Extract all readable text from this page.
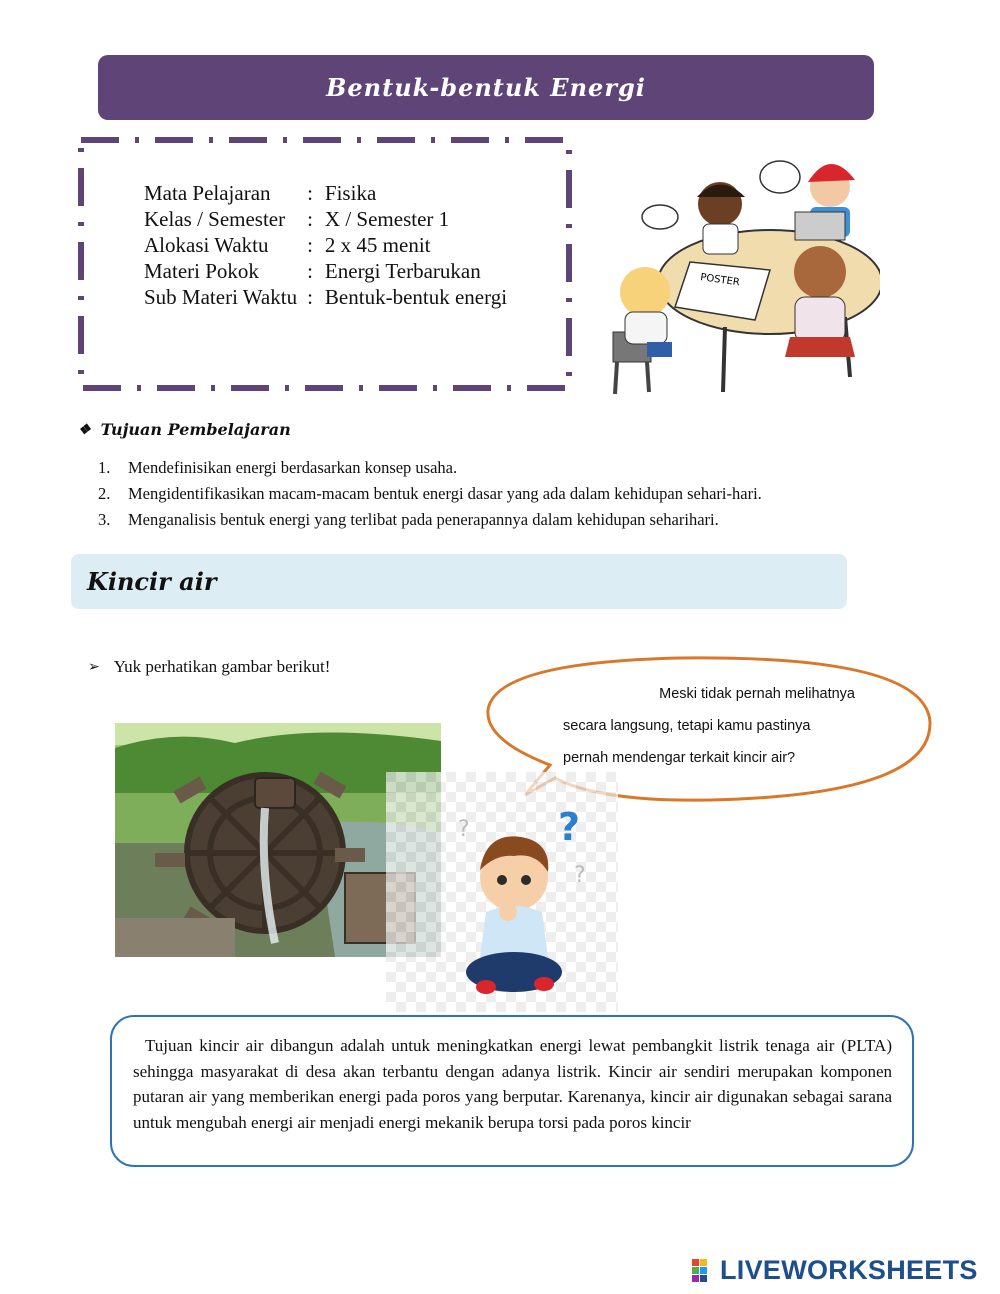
Bentuk-bentuk Energi
Mata Pelajaran	:	Fisika
Kelas / Semester	:	X / Semester 1
Alokasi Waktu	:	2 x 45 menit
Materi Pokok	:	Energi Terbarukan
Sub Materi Waktu	:	Bentuk-bentuk energi
POSTER
❖ Tujuan Pembelajaran
1.	Mendefinisikan energi berdasarkan konsep usaha.
2.	Mengidentifikasikan macam-macam bentuk energi dasar yang ada dalam kehidupan sehari-hari.
3.	Menganalisis bentuk energi yang terlibat pada penerapannya dalam kehidupan seharihari.
Kincir air
➢ Yuk perhatikan gambar berikut!
Meski tidak pernah melihatnya
secara langsung, tetapi kamu pastinya
pernah mendengar terkait kincir air?
?
?
?

Tujuan kincir air dibangun adalah untuk meningkatkan energi lewat pembangkit listrik tenaga air (PLTA) sehingga masyarakat di desa akan terbantu dengan adanya listrik. Kincir air sendiri merupakan komponen putaran air yang memberikan energi pada poros yang berputar. Karenanya, kincir air digunakan sebagai sarana untuk mengubah energi air menjadi energi mekanik berupa torsi pada poros kincir

LIVEWORKSHEETS
